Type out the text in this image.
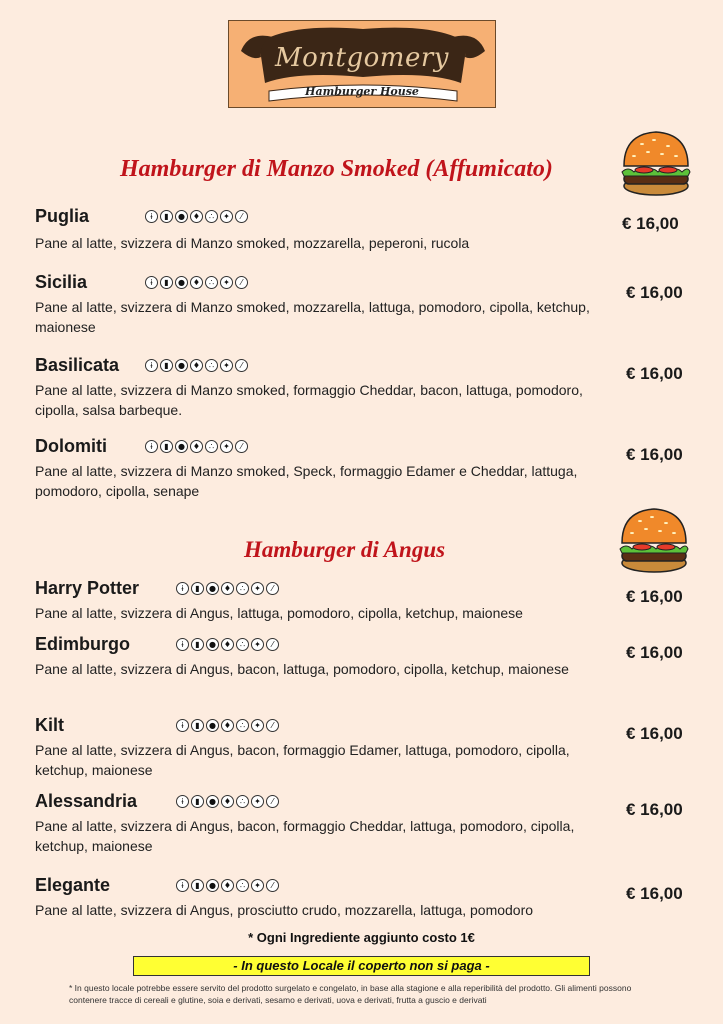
Montgomery
Hamburger House
Hamburger di Manzo Smoked (Affumicato)
Puglia	ɨ	▮	● ♦	∴	✦	⁄
Pane al latte, svizzera di Manzo smoked, mozzarella, peperoni, rucola
€ 16,00
Sicilia	ɨ	▮	● ♦	∴	✦	⁄
Pane al latte, svizzera di Manzo smoked, mozzarella, lattuga, pomodoro, cipolla, ketchup, maionese
€ 16,00
Basilicata	ɨ	▮	● ♦	∴	✦	⁄
Pane al latte, svizzera di Manzo smoked, formaggio Cheddar, bacon, lattuga, pomodoro, cipolla, salsa barbeque.
€ 16,00
Dolomiti	ɨ	▮	● ♦	∴	✦	⁄
Pane al latte, svizzera di Manzo smoked, Speck, formaggio Edamer e Cheddar, lattuga, pomodoro, cipolla, senape
€ 16,00
Hamburger di Angus
Harry Potter	ɨ	▮	● ♦	∴	✦	⁄
Pane al latte, svizzera di Angus, lattuga, pomodoro, cipolla, ketchup, maionese
€ 16,00
Edimburgo	ɨ	▮	● ♦	∴	✦	⁄
Pane al latte, svizzera di Angus, bacon, lattuga, pomodoro, cipolla, ketchup, maionese
€ 16,00
Kilt	ɨ	▮	● ♦	∴	✦	⁄
Pane al latte, svizzera di Angus, bacon, formaggio Edamer, lattuga, pomodoro, cipolla, ketchup, maionese
€ 16,00
Alessandria	ɨ	▮	● ♦	∴	✦	⁄
Pane al latte, svizzera di Angus, bacon, formaggio Cheddar, lattuga, pomodoro, cipolla, ketchup, maionese
€ 16,00
Elegante	ɨ	▮	● ♦	∴	✦	⁄
Pane al latte, svizzera di Angus, prosciutto crudo, mozzarella, lattuga, pomodoro
€ 16,00
* Ogni Ingrediente aggiunto costo 1€
- In questo Locale il coperto non si paga -
* In questo locale potrebbe essere servito del prodotto surgelato e congelato, in base alla stagione e alla reperibilità del prodotto. Gli alimenti possono contenere tracce di cereali e glutine, soia e derivati, sesamo e derivati, uova e derivati, frutta a guscio e derivati
